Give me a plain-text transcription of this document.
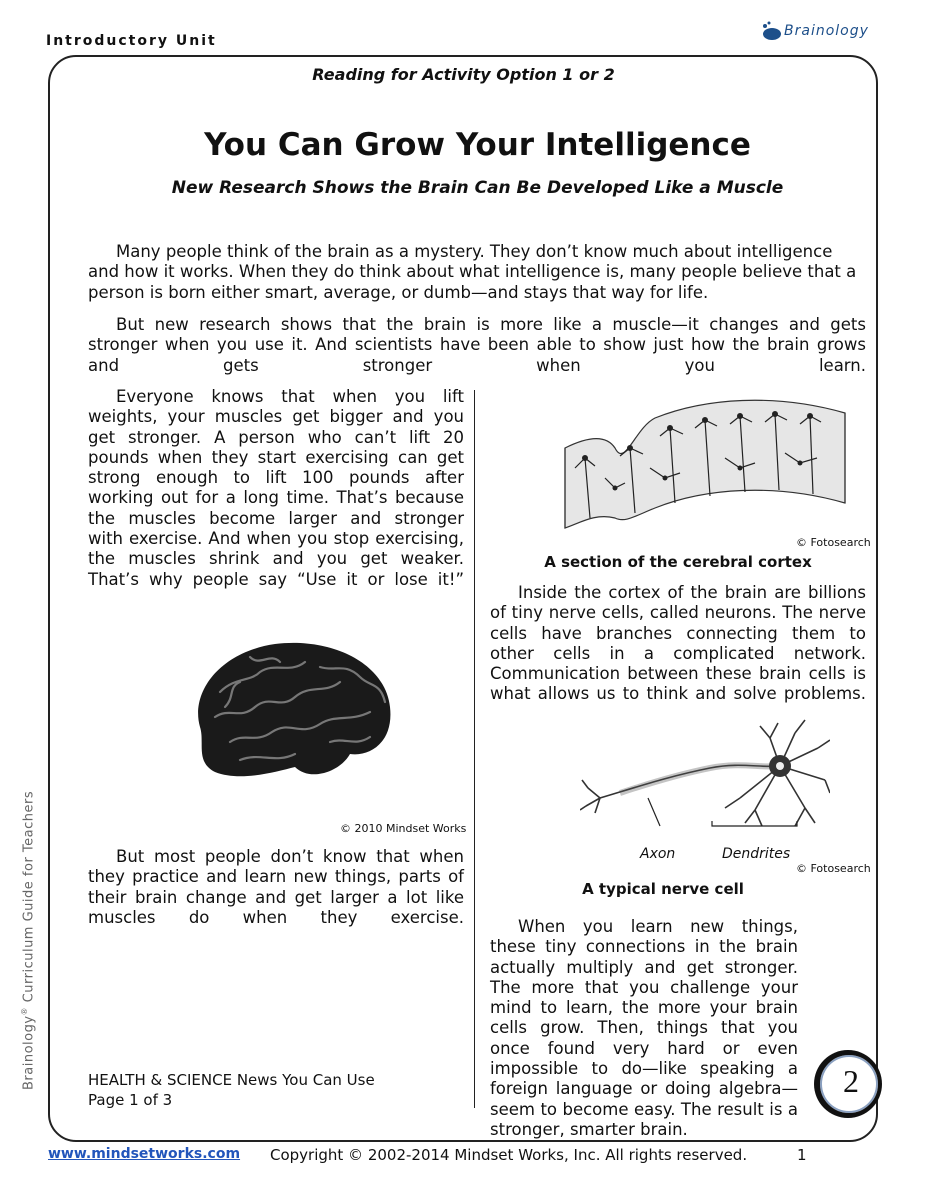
Introductory Unit
Brainology
Reading for Activity Option 1 or 2
You Can Grow Your Intelligence
New Research Shows the Brain Can Be Developed Like a Muscle
Many people think of the brain as a mystery. They don’t know much about intelligence and how it works. When they do think about what intelligence is, many people believe that a person is born either smart, average, or dumb—and stays that way for life.
But new research shows that the brain is more like a muscle—it changes and gets stronger when you use it. And scientists have been able to show just how the brain grows and gets stronger when you learn.
Everyone knows that when you lift weights, your muscles get bigger and you get stronger. A person who can’t lift 20 pounds when they start exercising can get strong enough to lift 100 pounds after working out for a long time. That’s because the muscles become larger and stronger with exercise. And when you stop exercising, the muscles shrink and you get weaker. That’s why people say “Use it or lose it!”
© 2010 Mindset Works
But most people don’t know that when they practice and learn new things, parts of their brain change and get larger a lot like muscles do when they exercise.
© Fotosearch
A section of the cerebral cortex
Inside the cortex of the brain are billions of tiny nerve cells, called neurons. The nerve cells have branches connecting them to other cells in a complicated network. Communication between these brain cells is what allows us to think and solve problems.
Axon	Dendrites
© Fotosearch
A typical nerve cell
When you learn new things, these tiny connections in the brain actually multiply and get stronger. The more that you challenge your mind to learn, the more your brain cells grow. Then, things that you once found very hard or even impossible to do—like speaking a foreign language or doing algebra—seem to become easy. The result is a stronger, smarter brain.
HEALTH & SCIENCE News You Can Use
Page 1 of 3
2
Brainology® Curriculum Guide for Teachers
www.mindsetworks.com Copyright © 2002-2014 Mindset Works, Inc. All rights reserved.	1
